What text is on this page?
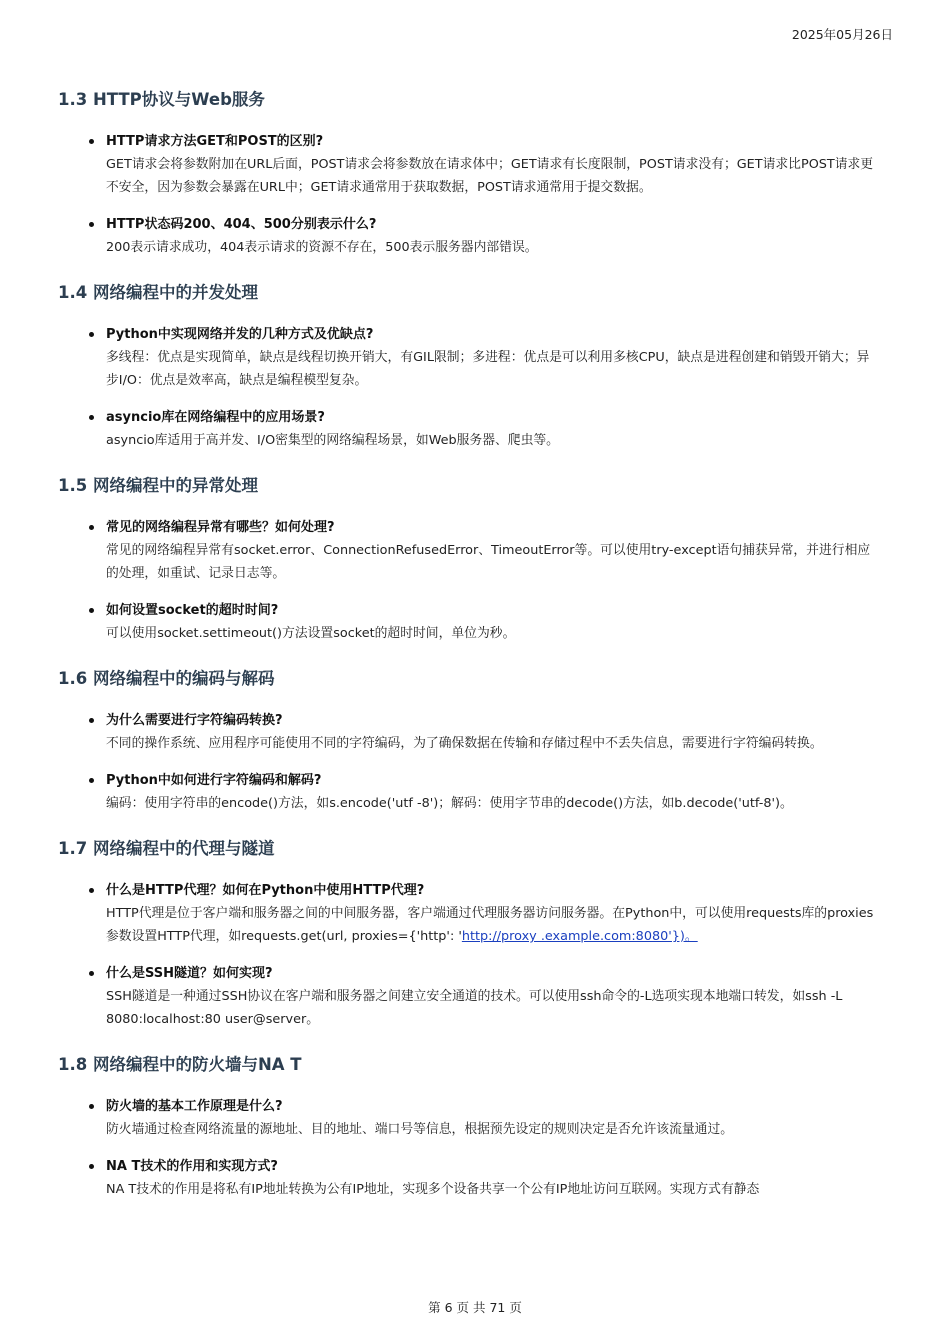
2025年05月26日
1.3 HTTP协议与Web服务
HTTP请求方法GET和POST的区别?
GET请求会将参数附加在URL后面，POST请求会将参数放在请求体中；GET请求有长度限制，POST请求没有；GET请求比POST请求更不安全，因为参数会暴露在URL中；GET请求通常用于获取数据，POST请求通常用于提交数据。
HTTP状态码200、404、500分别表示什么?
200表示请求成功，404表示请求的资源不存在，500表示服务器内部错误。
1.4 网络编程中的并发处理
Python中实现网络并发的几种方式及优缺点?
多线程：优点是实现简单，缺点是线程切换开销大，有GIL限制；多进程：优点是可以利用多核CPU，缺点是进程创建和销毁开销大；异步I/O：优点是效率高，缺点是编程模型复杂。
asyncio库在网络编程中的应用场景?
asyncio库适用于高并发、I/O密集型的网络编程场景，如Web服务器、爬虫等。
1.5 网络编程中的异常处理
常见的网络编程异常有哪些？如何处理?
常见的网络编程异常有socket.error、ConnectionRefusedError、TimeoutError等。可以使用try-except语句捕获异常，并进行相应的处理，如重试、记录日志等。
如何设置socket的超时时间?
可以使用socket.settimeout()方法设置socket的超时时间，单位为秒。
1.6 网络编程中的编码与解码
为什么需要进行字符编码转换?
不同的操作系统、应用程序可能使用不同的字符编码，为了确保数据在传输和存储过程中不丢失信息，需要进行字符编码转换。
Python中如何进行字符编码和解码?
编码：使用字符串的encode()方法，如s.encode('utf -8')；解码：使用字节串的decode()方法，如b.decode('utf-8')。
1.7 网络编程中的代理与隧道
什么是HTTP代理？如何在Python中使用HTTP代理?
HTTP代理是位于客户端和服务器之间的中间服务器，客户端通过代理服务器访问服务器。在Python中，可以使用requests库的proxies参数设置HTTP代理，如requests.get(url, proxies={'http': 'http://proxy .example.com:8080'})。
什么是SSH隧道？如何实现?
SSH隧道是一种通过SSH协议在客户端和服务器之间建立安全通道的技术。可以使用ssh命令的-L选项实现本地端口转发，如ssh -L 8080:localhost:80 user@server。
1.8 网络编程中的防火墙与NA T
防火墙的基本工作原理是什么?
防火墙通过检查网络流量的源地址、目的地址、端口号等信息，根据预先设定的规则决定是否允许该流量通过。
NA T技术的作用和实现方式?
NA T技术的作用是将私有IP地址转换为公有IP地址，实现多个设备共享一个公有IP地址访问互联网。实现方式有静态
第 6 页 共 71 页
